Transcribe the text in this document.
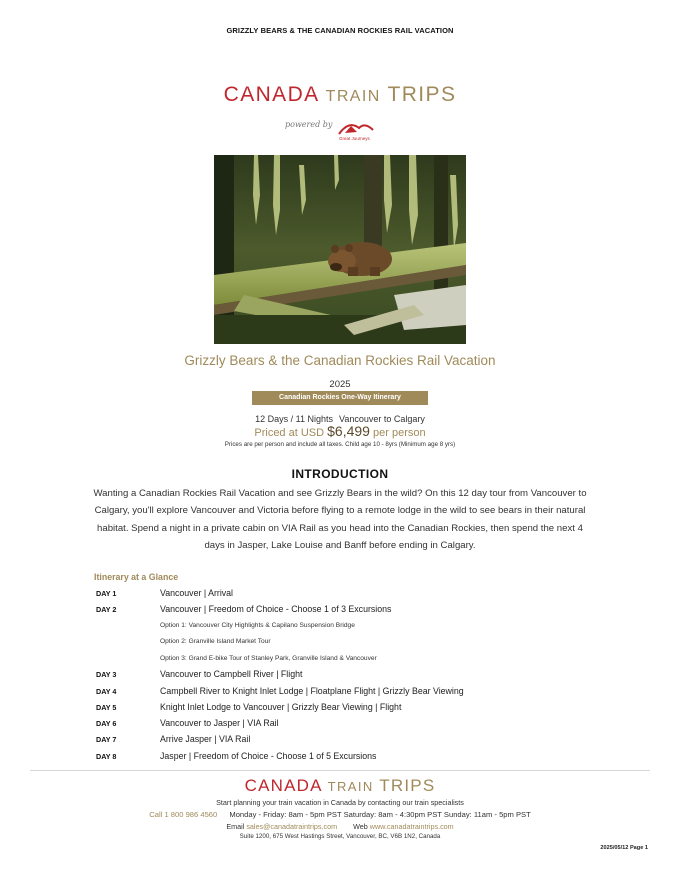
GRIZZLY BEARS & THE CANADIAN ROCKIES RAIL VACATION
CANADA TRAIN TRIPS
powered by
Great Journeys
Grizzly Bears & the Canadian Rockies Rail Vacation
2025
Canadian Rockies One-Way Itinerary
12 Days / 11 Nights Vancouver to Calgary
Priced at USD $6,499 per person
Prices are per person and include all taxes. Child age 10 - 8yrs (Minimum age 8 yrs)
INTRODUCTION

Wanting a Canadian Rockies Rail Vacation and see Grizzly Bears in the wild? On this 12 day tour from Vancouver to Calgary, you'll explore Vancouver and Victoria before flying to a remote lodge in the wild to see bears in their natural habitat. Spend a night in a private cabin on VIA Rail as you head into the Canadian Rockies, then spend the next 4 days in Jasper, Lake Louise and Banff before ending in Calgary.

Itinerary at a Glance
DAY 1	Vancouver | Arrival
DAY 2	Vancouver | Freedom of Choice - Choose 1 of 3 Excursions
Option 1: Vancouver City Highlights & Capilano Suspension Bridge
Option 2: Granville Island Market Tour
Option 3: Grand E-bike Tour of Stanley Park, Granville Island & Vancouver
DAY 3	Vancouver to Campbell River | Flight
DAY 4	Campbell River to Knight Inlet Lodge | Floatplane Flight | Grizzly Bear Viewing
DAY 5	Knight Inlet Lodge to Vancouver | Grizzly Bear Viewing | Flight
DAY 6	Vancouver to Jasper | VIA Rail
DAY 7	Arrive Jasper | VIA Rail
DAY 8	Jasper | Freedom of Choice - Choose 1 of 5 Excursions
CANADA TRAIN TRIPS
Start planning your train vacation in Canada by contacting our train specialists
Call 1 800 986 4560 Monday - Friday: 8am - 5pm PST Saturday: 8am - 4:30pm PST Sunday: 11am - 5pm PST
Email sales@canadatraintrips.com Web www.canadatraintrips.com
Suite 1200, 675 West Hastings Street, Vancouver, BC, V6B 1N2, Canada
2025/05/12 Page 1
